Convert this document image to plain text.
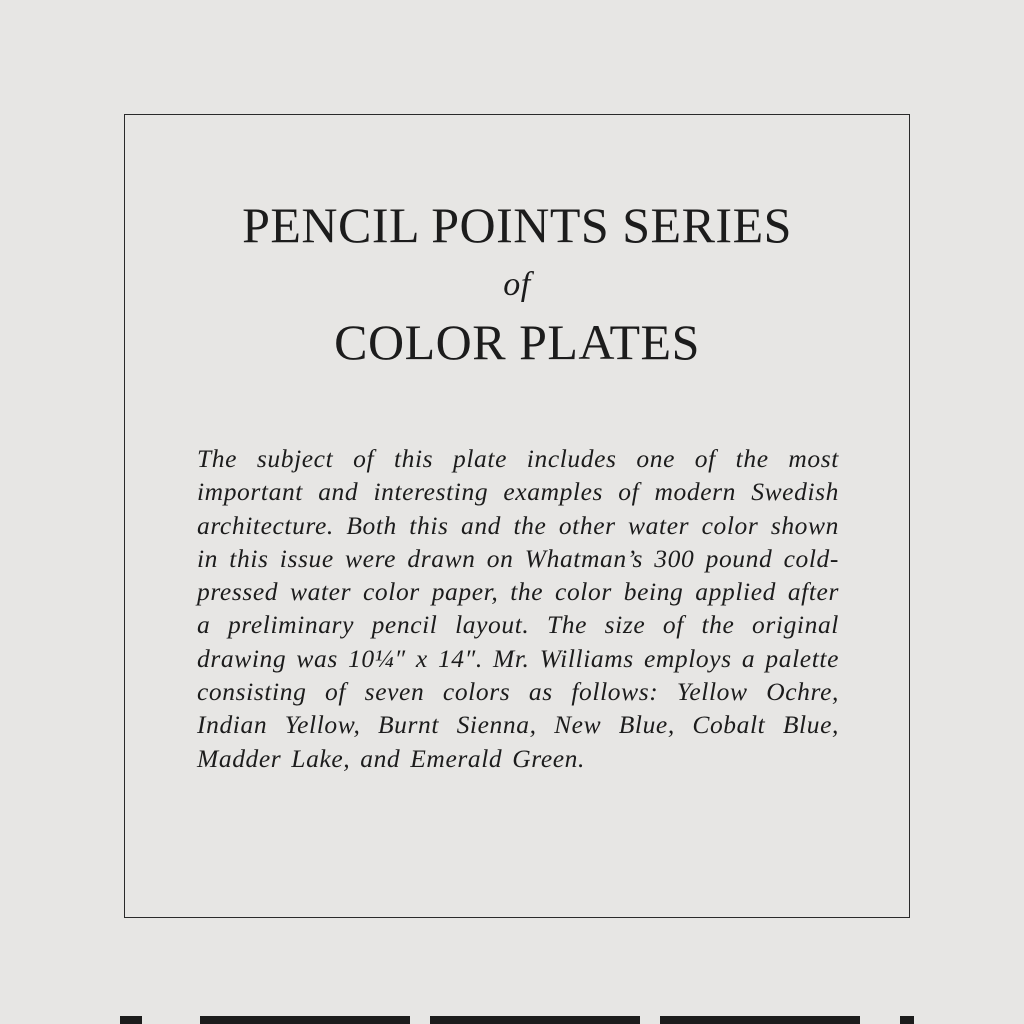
PENCIL POINTS SERIES
of
COLOR PLATES

The subject of this plate includes one of the most important and interesting examples of modern Swedish architecture. Both this and the other water color shown in this issue were drawn on Whatman’s 300 pound cold-pressed water color paper, the color being applied after a preliminary pencil layout. The size of the original drawing was 10¼″ x 14″. Mr. Williams employs a palette consisting of seven colors as follows: Yellow Ochre, Indian Yellow, Burnt Sienna, New Blue, Cobalt Blue, Madder Lake, and Emerald Green.
